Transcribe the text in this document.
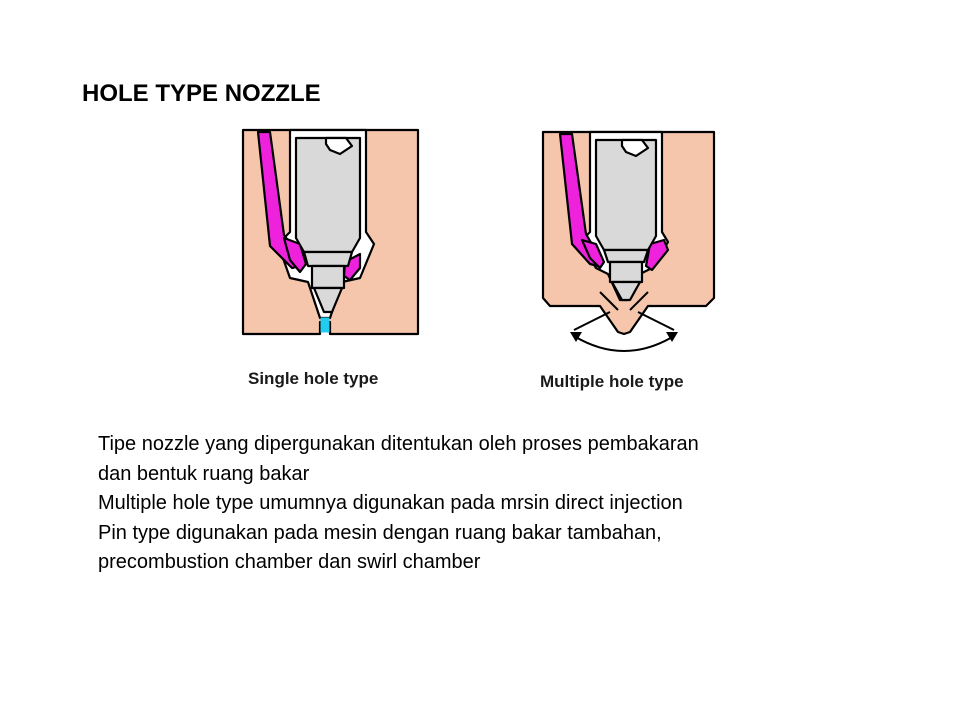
HOLE TYPE NOZZLE
Single hole type	Multiple hole type
Tipe nozzle yang dipergunakan ditentukan oleh proses pembakaran
dan bentuk ruang bakar
Multiple hole type umumnya digunakan pada mrsin direct injection
Pin type digunakan pada mesin dengan ruang bakar tambahan,
precombustion chamber dan swirl chamber
